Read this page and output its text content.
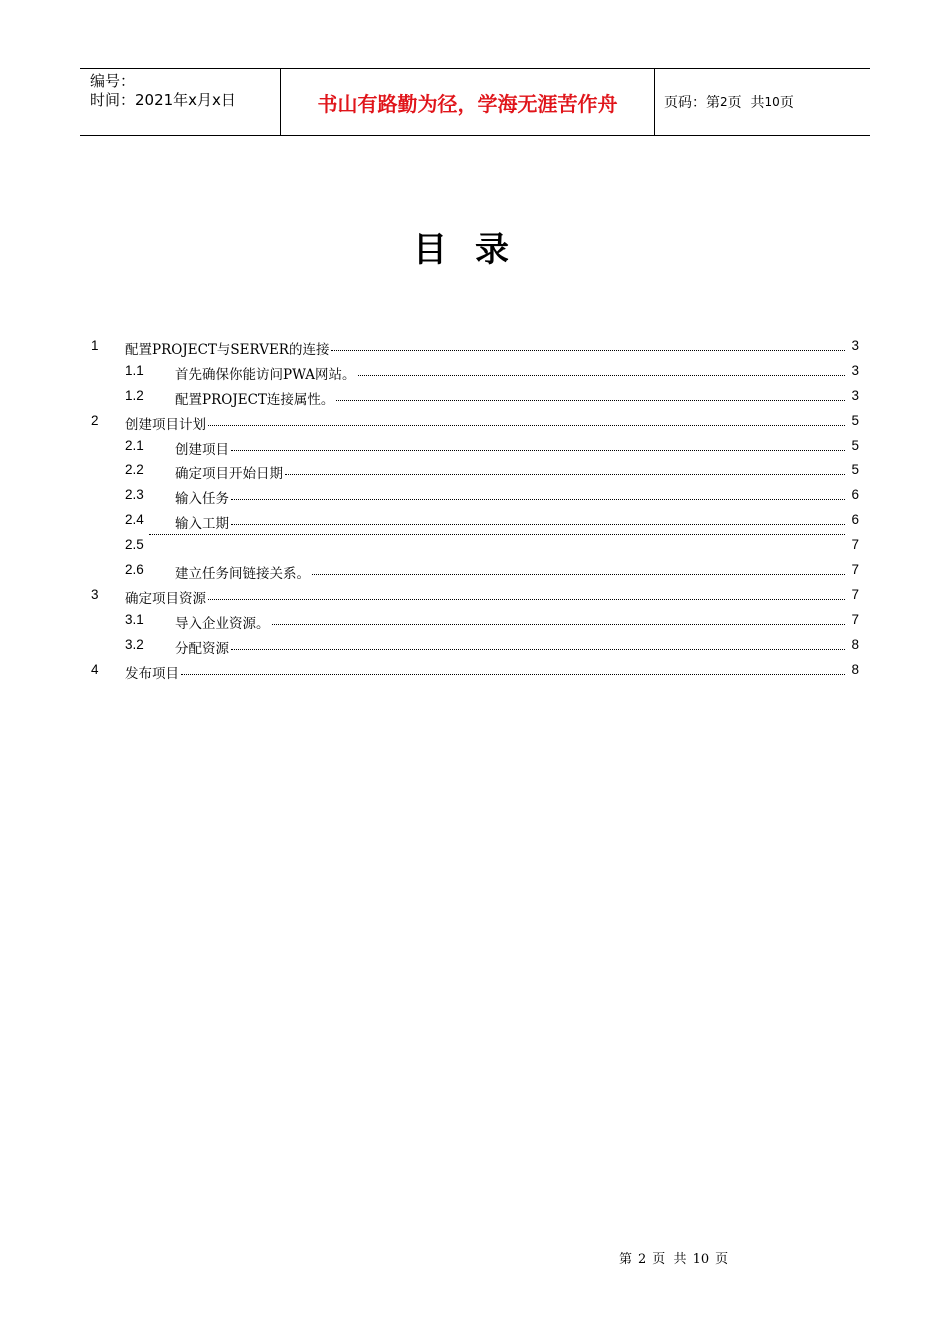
编号：
时间：2021年x月x日	书山有路勤为径，学海无涯苦作舟	页码：第 2 页  共 10 页
目录
1 配置PROJECT与SERVER的连接	3
1.1 首先确保你能访问PWA网站。	3
1.2 配置PROJECT连接属性。	3
2 创建项目计划	5
2.1 创建项目	5
2.2 确定项目开始日期	5
2.3 输入任务	6
2.4 输入工期	6
2.5	7
2.6 建立任务间链接关系。	7
3 确定项目资源	7
3.1 导入企业资源。	7
3.2 分配资源	8
4 发布项目	8
第 2 页  共 10 页
